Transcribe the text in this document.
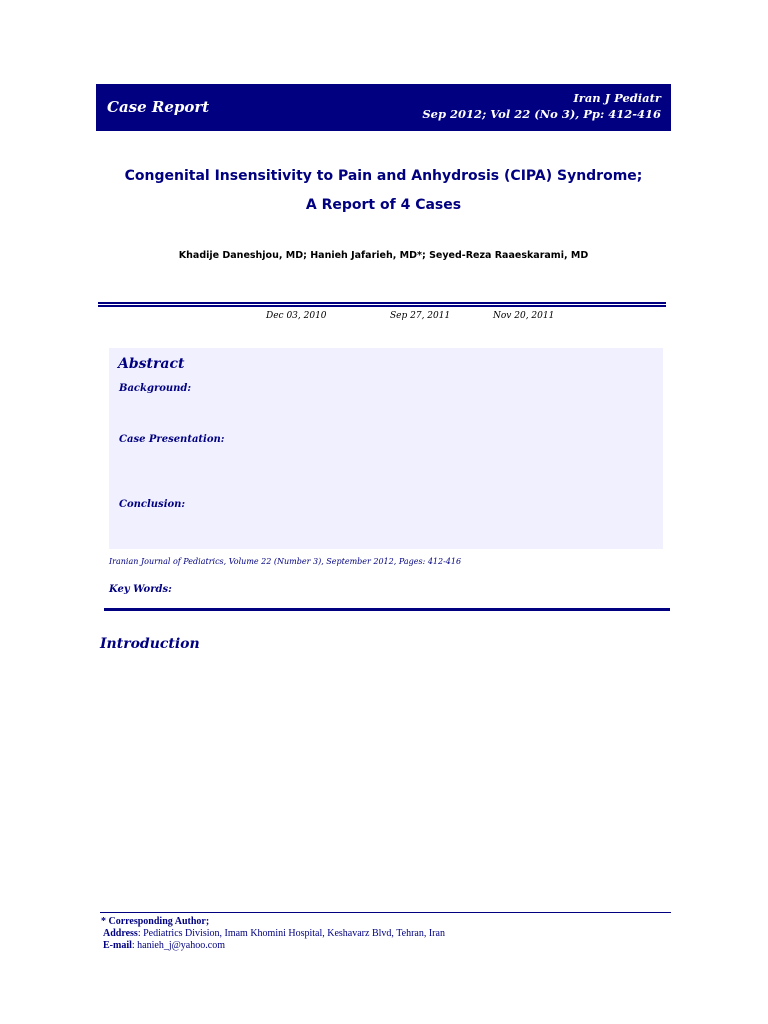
Case Report	Iran J Pediatr
Sep 2012; Vol 22 (No 3), Pp: 412-416
Congenital Insensitivity to Pain and Anhydrosis (CIPA) Syndrome;
A Report of 4 Cases
Khadije Daneshjou, MD; Hanieh Jafarieh, MD*; Seyed-Reza Raaeskarami, MD
Dec 03, 2010	Sep 27, 2011	Nov 20, 2011
Abstract
Background:
Case Presentation:
Conclusion:
Iranian Journal of Pediatrics, Volume 22 (Number 3), September 2012, Pages: 412-416
Key Words:
Introduction
* Corresponding Author;
Address: Pediatrics Division, Imam Khomini Hospital, Keshavarz Blvd, Tehran, Iran
E-mail: hanieh_j@yahoo.com
